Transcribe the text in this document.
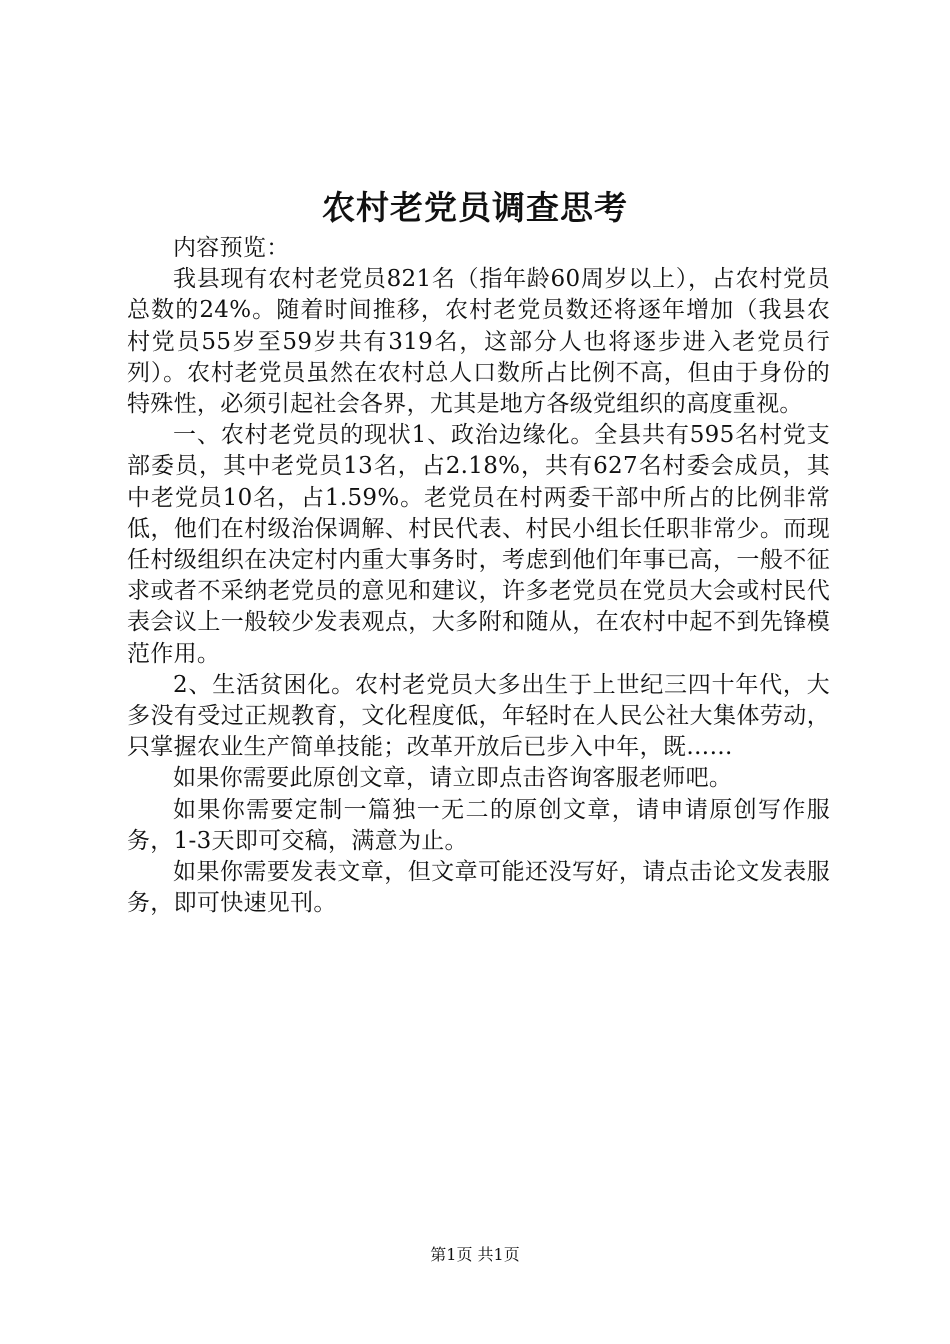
农村老党员调查思考

内容预览：

我县现有农村老党员821名（指年龄60周岁以上），占农村党员总数的24%。随着时间推移，农村老党员数还将逐年增加（我县农村党员55岁至59岁共有319名，这部分人也将逐步进入老党员行列）。农村老党员虽然在农村总人口数所占比例不高，但由于身份的特殊性，必须引起社会各界，尤其是地方各级党组织的高度重视。

一、农村老党员的现状1、政治边缘化。全县共有595名村党支部委员，其中老党员13名，占2.18%，共有627名村委会成员，其中老党员10名，占1.59%。老党员在村两委干部中所占的比例非常低，他们在村级治保调解、村民代表、村民小组长任职非常少。而现任村级组织在决定村内重大事务时，考虑到他们年事已高，一般不征求或者不采纳老党员的意见和建议，许多老党员在党员大会或村民代表会议上一般较少发表观点，大多附和随从，在农村中起不到先锋模范作用。

2、生活贫困化。农村老党员大多出生于上世纪三四十年代，大多没有受过正规教育，文化程度低，年轻时在人民公社大集体劳动，只掌握农业生产简单技能；改革开放后已步入中年，既……

如果你需要此原创文章，请立即点击咨询客服老师吧。

如果你需要定制一篇独一无二的原创文章，请申请原创写作服务，1-3天即可交稿，满意为止。

如果你需要发表文章，但文章可能还没写好，请点击论文发表服务，即可快速见刊。

第1页 共1页
